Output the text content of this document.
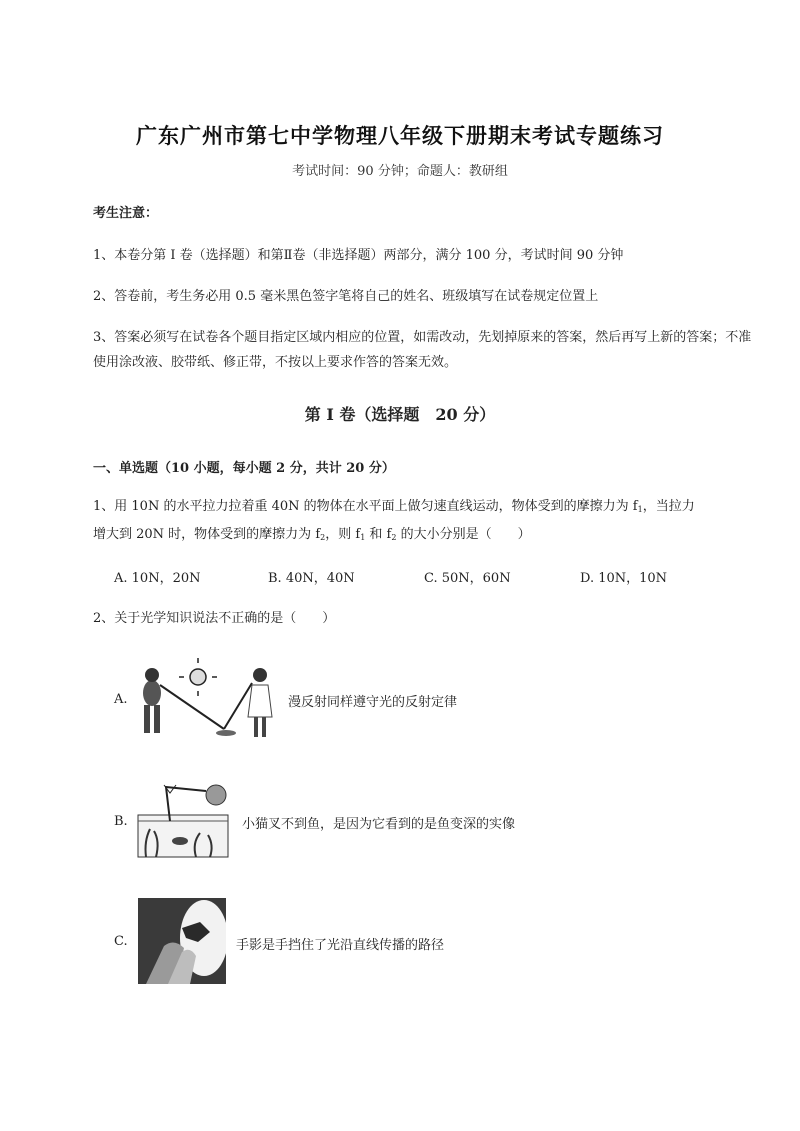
广东广州市第七中学物理八年级下册期末考试专题练习
考试时间：90 分钟；命题人：教研组
考生注意：
1、本卷分第 I 卷（选择题）和第Ⅱ卷（非选择题）两部分，满分 100 分，考试时间 90 分钟
2、答卷前，考生务必用 0.5 毫米黑色签字笔将自己的姓名、班级填写在试卷规定位置上
3、答案必须写在试卷各个题目指定区域内相应的位置，如需改动，先划掉原来的答案，然后再写上新的答案；不准使用涂改液、胶带纸、修正带，不按以上要求作答的答案无效。
第 I 卷（选择题　20 分）
一、单选题（10 小题，每小题 2 分，共计 20 分）
1、用 10N 的水平拉力拉着重 40N 的物体在水平面上做匀速直线运动，物体受到的摩擦力为 $f_1$，当拉力
增大到 20N 时，物体受到的摩擦力为 $f_2$，则 $f_1$ 和 $f_2$ 的大小分别是（　　）
A. 10N，20N	B. 40N，40N	C. 50N，60N	D. 10N，10N
2、关于光学知识说法不正确的是（　　）
A.	漫反射同样遵守光的反射定律
B.	小猫叉不到鱼，是因为它看到的是鱼变深的实像
C.	手影是手挡住了光沿直线传播的路径
